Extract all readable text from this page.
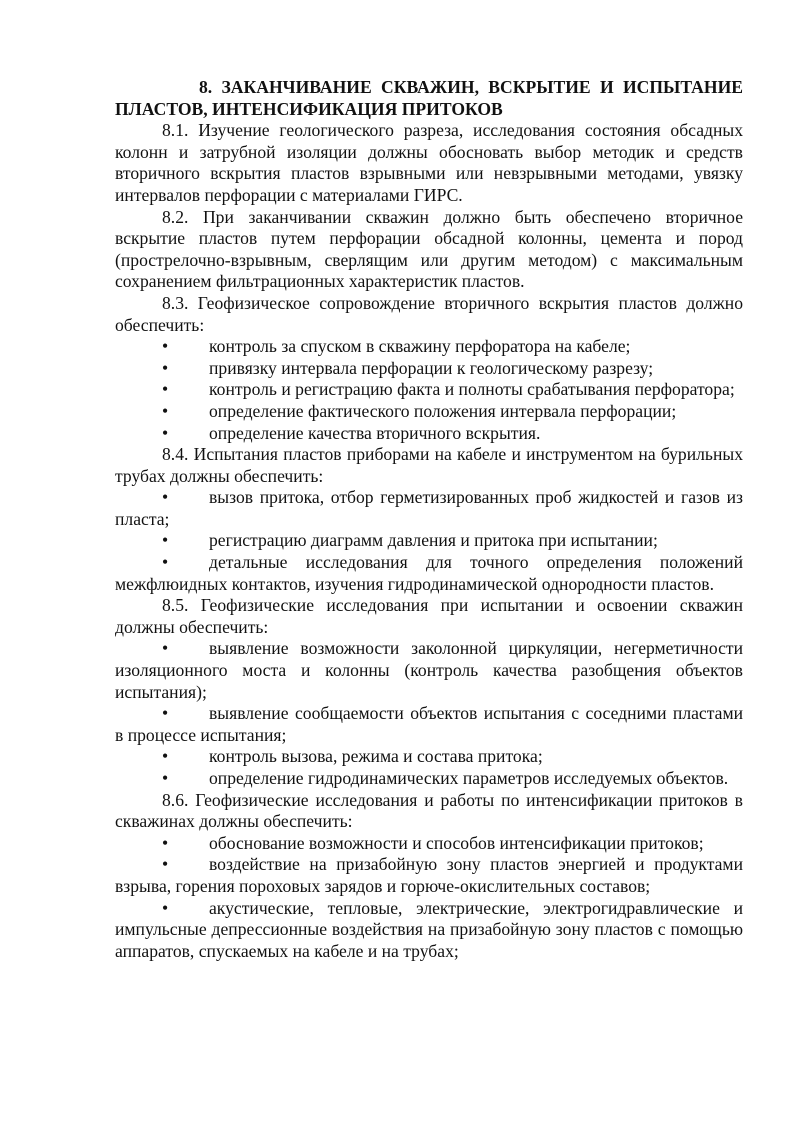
8. ЗАКАНЧИВАНИЕ СКВАЖИН, ВСКРЫТИЕ И ИСПЫТАНИЕ ПЛАСТОВ, ИНТЕНСИФИКАЦИЯ ПРИТОКОВ

8.1. Изучение геологического разреза, исследования состояния обсадных колонн и затрубной изоляции должны обосновать выбор методик и средств вторичного вскрытия пластов взрывными или невзрывными методами, увязку интервалов перфорации с материалами ГИРС.

8.2. При заканчивании скважин должно быть обеспечено вторичное вскрытие пластов путем перфорации обсадной колонны, цемента и пород (прострелочно-взрывным, сверлящим или другим методом) с максимальным сохранением фильтрационных характеристик пластов.

8.3. Геофизическое сопровождение вторичного вскрытия пластов должно обеспечить:

• контроль за спуском в скважину перфоратора на кабеле;
• привязку интервала перфорации к геологическому разрезу;
• контроль и регистрацию факта и полноты срабатывания перфоратора;
• определение фактического положения интервала перфорации;
• определение качества вторичного вскрытия.

8.4. Испытания пластов приборами на кабеле и инструментом на бурильных трубах должны обеспечить:

• вызов притока, отбор герметизированных проб жидкостей и газов из пласта;
• регистрацию диаграмм давления и притока при испытании;
• детальные исследования для точного определения положений межфлюидных контактов, изучения гидродинамической однородности пластов.

8.5. Геофизические исследования при испытании и освоении скважин должны обеспечить:

• выявление возможности заколонной циркуляции, негерметичности изоляционного моста и колонны (контроль качества разобщения объектов испытания);
• выявление сообщаемости объектов испытания с соседними пластами в процессе испытания;
• контроль вызова, режима и состава притока;
• определение гидродинамических параметров исследуемых объектов.

8.6. Геофизические исследования и работы по интенсификации притоков в скважинах должны обеспечить:

• обоснование возможности и способов интенсификации притоков;
• воздействие на призабойную зону пластов энергией и продуктами взрыва, горения пороховых зарядов и горюче-окислительных составов;
• акустические, тепловые, электрические, электрогидравлические и импульсные депрессионные воздействия на призабойную зону пластов с помощью аппаратов, спускаемых на кабеле и на трубах;
